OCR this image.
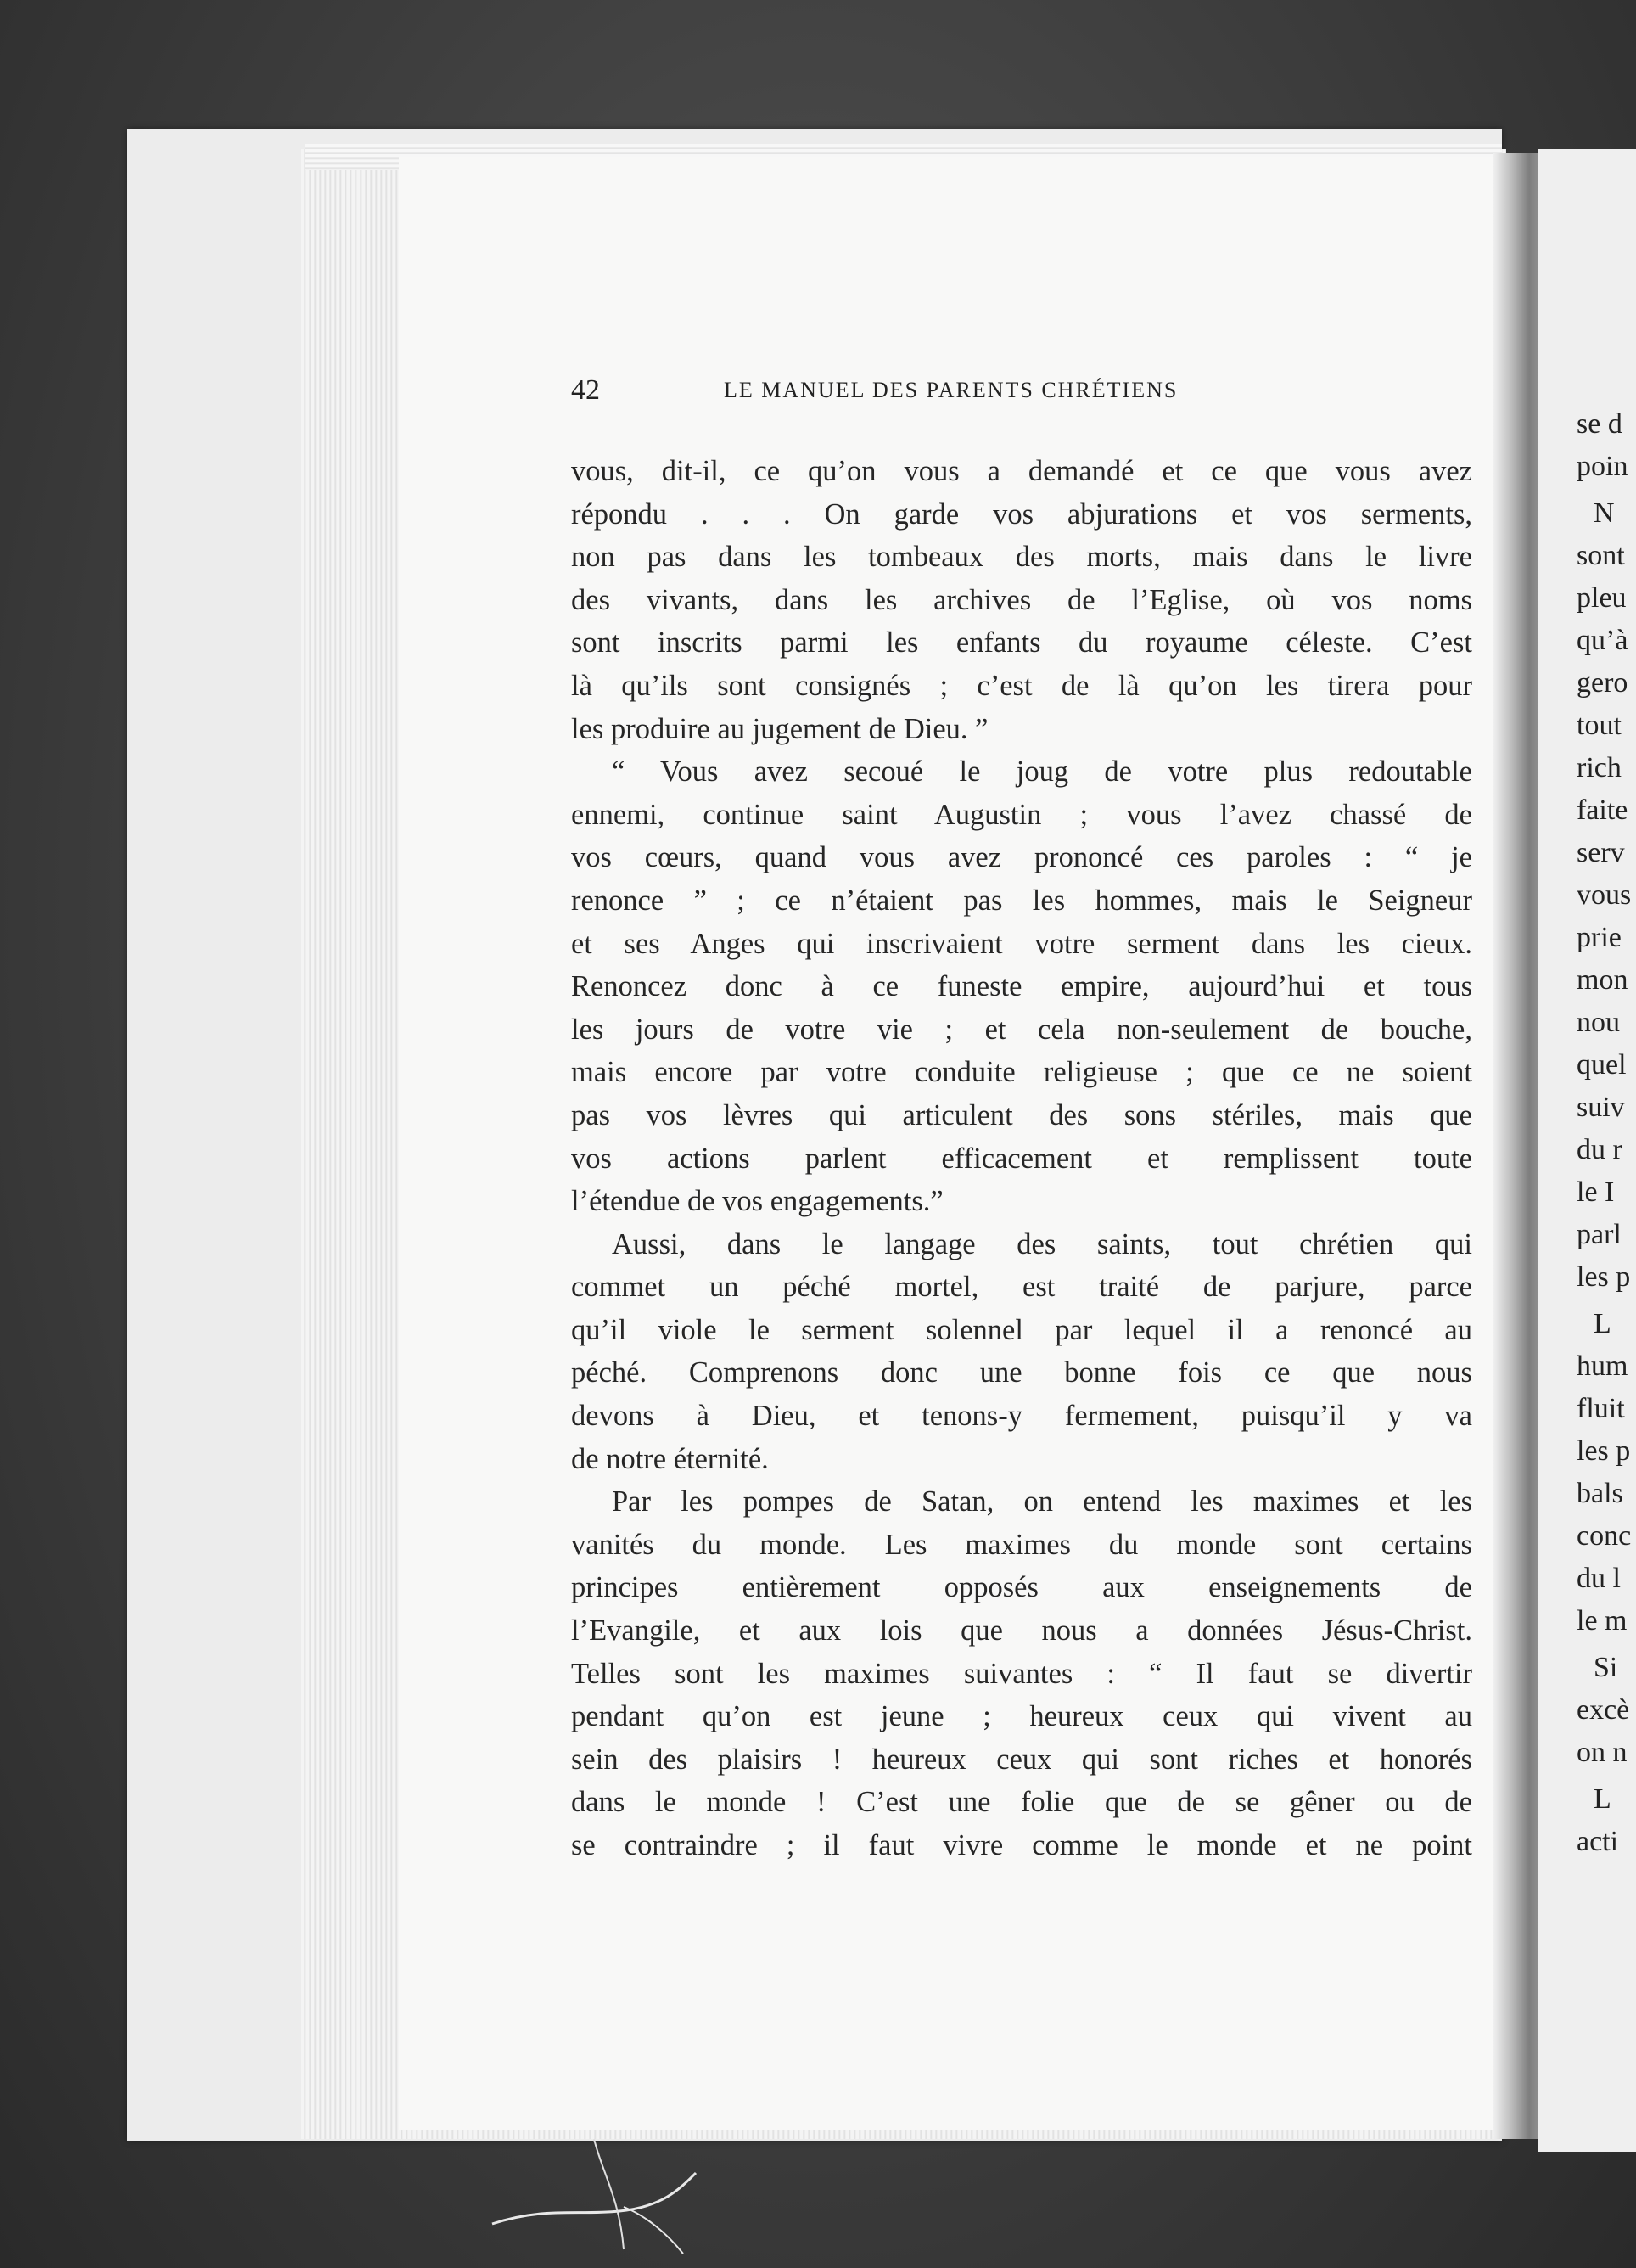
se d
poin
N
sont
pleu
qu’à
gero
tout
rich
faite
serv
vous
prie
mon
nou
quel
suiv
du r
le I
parl
les p
L
hum
fluit
les p
bals
conc
du l
le m
Si
excè
on n
L
acti
42	LE MANUEL DES PARENTS CHRÉTIENS
vous, dit-il, ce qu’on vous a demandé et ce que vous avez
répondu . . . On garde vos abjurations et vos serments,
non pas dans les tombeaux des morts, mais dans le livre
des vivants, dans les archives de l’Eglise, où vos noms
sont inscrits parmi les enfants du royaume céleste. C’est
là qu’ils sont consignés ; c’est de là qu’on les tirera pour
les produire au jugement de Dieu. ”
“ Vous avez secoué le joug de votre plus redoutable
ennemi, continue saint Augustin ; vous l’avez chassé de
vos cœurs, quand vous avez prononcé ces paroles : “ je
renonce ” ; ce n’étaient pas les hommes, mais le Seigneur
et ses Anges qui inscrivaient votre serment dans les cieux.
Renoncez donc à ce funeste empire, aujourd’hui et tous
les jours de votre vie ; et cela non-seulement de bouche,
mais encore par votre conduite religieuse ; que ce ne soient
pas vos lèvres qui articulent des sons stériles, mais que
vos actions parlent efficacement et remplissent toute
l’étendue de vos engagements.”
Aussi, dans le langage des saints, tout chrétien qui
commet un péché mortel, est traité de parjure, parce
qu’il viole le serment solennel par lequel il a renoncé au
péché. Comprenons donc une bonne fois ce que nous
devons à Dieu, et tenons-y fermement, puisqu’il y va
de notre éternité.
Par les pompes de Satan, on entend les maximes et les
vanités du monde. Les maximes du monde sont certains
principes entièrement opposés aux enseignements de
l’Evangile, et aux lois que nous a données Jésus-Christ.
Telles sont les maximes suivantes : “ Il faut se divertir
pendant qu’on est jeune ; heureux ceux qui vivent au
sein des plaisirs ! heureux ceux qui sont riches et honorés
dans le monde ! C’est une folie que de se gêner ou de
se contraindre ; il faut vivre comme le monde et ne point
